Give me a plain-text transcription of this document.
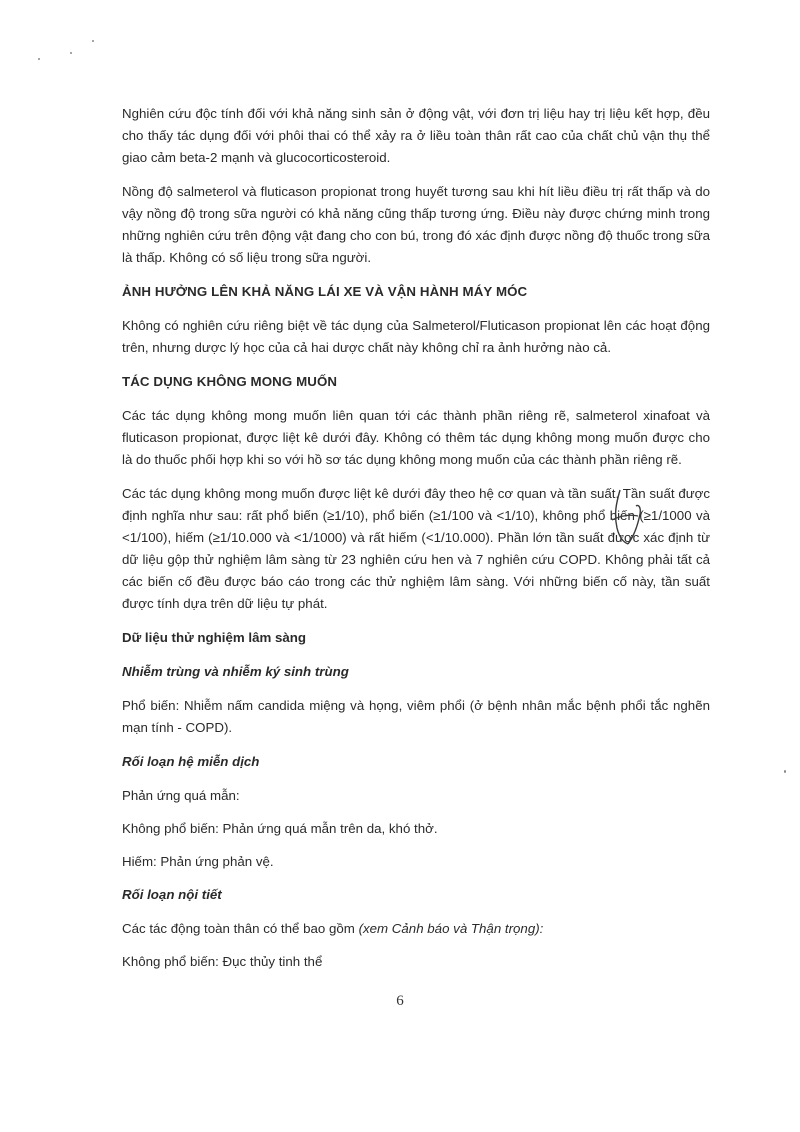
Nghiên cứu độc tính đối với khả năng sinh sản ở động vật, với đơn trị liệu hay trị liệu kết hợp, đều cho thấy tác dụng đối với phôi thai có thể xảy ra ở liều toàn thân rất cao của chất chủ vận thụ thể giao cảm beta-2 mạnh và glucocorticosteroid.

Nồng độ salmeterol và fluticason propionat trong huyết tương sau khi hít liều điều trị rất thấp và do vậy nồng độ trong sữa người có khả năng cũng thấp tương ứng. Điều này được chứng minh trong những nghiên cứu trên động vật đang cho con bú, trong đó xác định được nồng độ thuốc trong sữa là thấp. Không có số liệu trong sữa người.

ẢNH HƯỞNG LÊN KHẢ NĂNG LÁI XE VÀ VẬN HÀNH MÁY MÓC

Không có nghiên cứu riêng biệt về tác dụng của Salmeterol/Fluticason propionat lên các hoạt động trên, nhưng dược lý học của cả hai dược chất này không chỉ ra ảnh hưởng nào cả.

TÁC DỤNG KHÔNG MONG MUỐN

Các tác dụng không mong muốn liên quan tới các thành phần riêng rẽ, salmeterol xinafoat và fluticason propionat, được liệt kê dưới đây. Không có thêm tác dụng không mong muốn được cho là do thuốc phối hợp khi so với hồ sơ tác dụng không mong muốn của các thành phần riêng rẽ.

Các tác dụng không mong muốn được liệt kê dưới đây theo hệ cơ quan và tần suất. Tần suất được định nghĩa như sau: rất phổ biến (≥1/10), phổ biến (≥1/100 và <1/10), không phổ biến (≥1/1000 và <1/100), hiếm (≥1/10.000 và <1/1000) và rất hiếm (<1/10.000). Phần lớn tần suất được xác định từ dữ liệu gộp thử nghiệm lâm sàng từ 23 nghiên cứu hen và 7 nghiên cứu COPD. Không phải tất cả các biến cố đều được báo cáo trong các thử nghiệm lâm sàng. Với những biến cố này, tần suất được tính dựa trên dữ liệu tự phát.

Dữ liệu thử nghiệm lâm sàng
Nhiễm trùng và nhiễm ký sinh trùng

Phổ biến: Nhiễm nấm candida miệng và họng, viêm phổi (ở bệnh nhân mắc bệnh phổi tắc nghẽn mạn tính - COPD).

Rối loạn hệ miễn dịch

Phản ứng quá mẫn:

Không phổ biến: Phản ứng quá mẫn trên da, khó thở.

Hiếm: Phản ứng phản vệ.

Rối loạn nội tiết

Các tác động toàn thân có thể bao gồm (xem Cảnh báo và Thận trọng):

Không phổ biến: Đục thủy tinh thể

6
